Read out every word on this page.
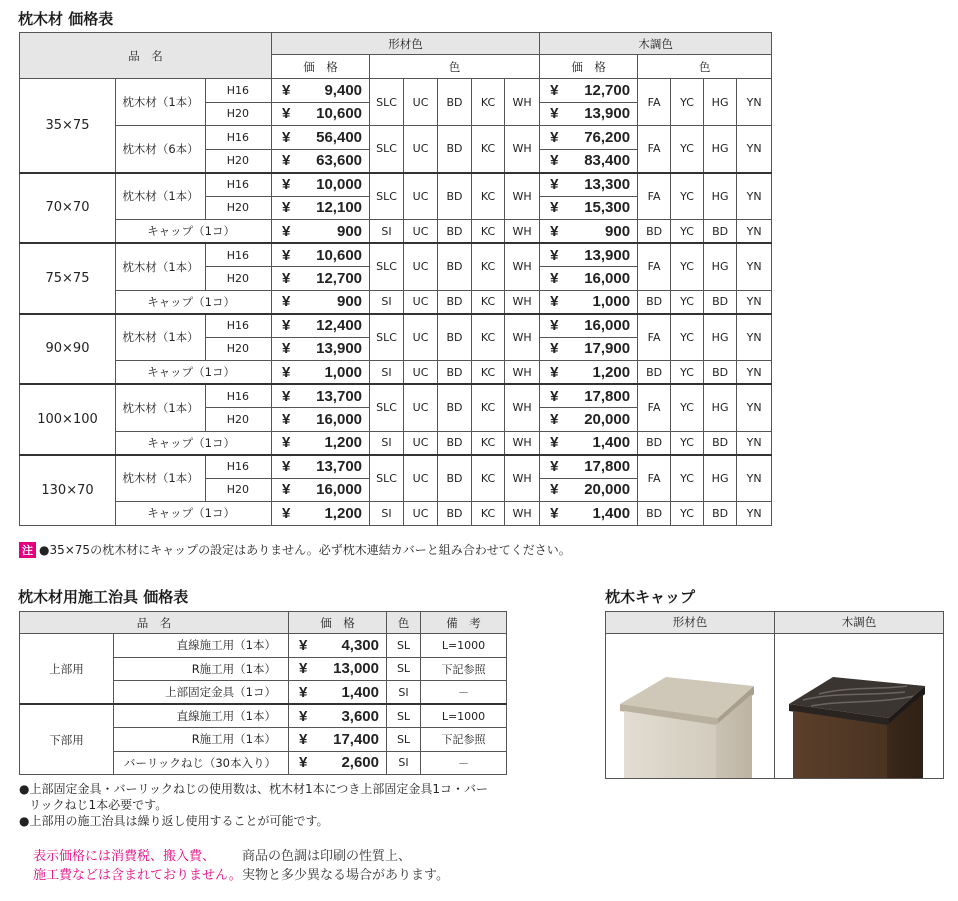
枕木材 価格表
品　名			形材色						木調色				
			価　格	色					価　格	色			
35×75	枕木材（1本）	H16	¥ 9,400	SLC	UC	BD	KC	WH	¥ 12,700	FA	YC	HG	YN
		H20	¥ 10,600						¥ 13,900				
	枕木材（6本）	H16	¥ 56,400	SLC	UC	BD	KC	WH	¥ 76,200	FA	YC	HG	YN
		H20	¥ 63,600						¥ 83,400				
70×70	枕木材（1本）	H16	¥ 10,000	SLC	UC	BD	KC	WH	¥ 13,300	FA	YC	HG	YN
		H20	¥ 12,100						¥ 15,300				
	キャップ（1コ）		¥ 900	SI	UC	BD	KC	WH	¥ 900	BD	YC	BD	YN
75×75	枕木材（1本）	H16	¥ 10,600	SLC	UC	BD	KC	WH	¥ 13,900	FA	YC	HG	YN
		H20	¥ 12,700						¥ 16,000				
	キャップ（1コ）		¥ 900	SI	UC	BD	KC	WH	¥ 1,000	BD	YC	BD	YN
90×90	枕木材（1本）	H16	¥ 12,400	SLC	UC	BD	KC	WH	¥ 16,000	FA	YC	HG	YN
		H20	¥ 13,900						¥ 17,900				
	キャップ（1コ）		¥ 1,000	SI	UC	BD	KC	WH	¥ 1,200	BD	YC	BD	YN
100×100	枕木材（1本）	H16	¥ 13,700	SLC	UC	BD	KC	WH	¥ 17,800	FA	YC	HG	YN
		H20	¥ 16,000						¥ 20,000				
	キャップ（1コ）		¥ 1,200	SI	UC	BD	KC	WH	¥ 1,400	BD	YC	BD	YN
130×70	枕木材（1本）	H16	¥ 13,700	SLC	UC	BD	KC	WH	¥ 17,800	FA	YC	HG	YN
		H20	¥ 16,000						¥ 20,000				
	キャップ（1コ）		¥ 1,200	SI	UC	BD	KC	WH	¥ 1,400	BD	YC	BD	YN
注 ●35×75の枕木材にキャップの設定はありません。必ず枕木連結カバーと組み合わせてください。
枕木材用施工治具 価格表
品　名		価　格	色	備　考
上部用	直線施工用（1本）	¥ 4,300	SL	L=1000
	R施工用（1本）	¥ 13,000	SL	下記参照
	上部固定金具（1コ）	¥ 1,400	SI	－
下部用	直線施工用（1本）	¥ 3,600	SL	L=1000
	R施工用（1本）	¥ 17,400	SL	下記参照
	バーリックねじ（30本入り）	¥ 2,600	SI	－
●上部固定金具・バーリックねじの使用数は、枕木材1本につき上部固定金具1コ・バー
リックねじ1本必要です。
●上部用の施工治具は繰り返し使用することが可能です。
表示価格には消費税、搬入費、
施工費などは含まれておりません。
商品の色調は印刷の性質上、
実物と多少異なる場合があります。
枕木キャップ
形材色	木調色
